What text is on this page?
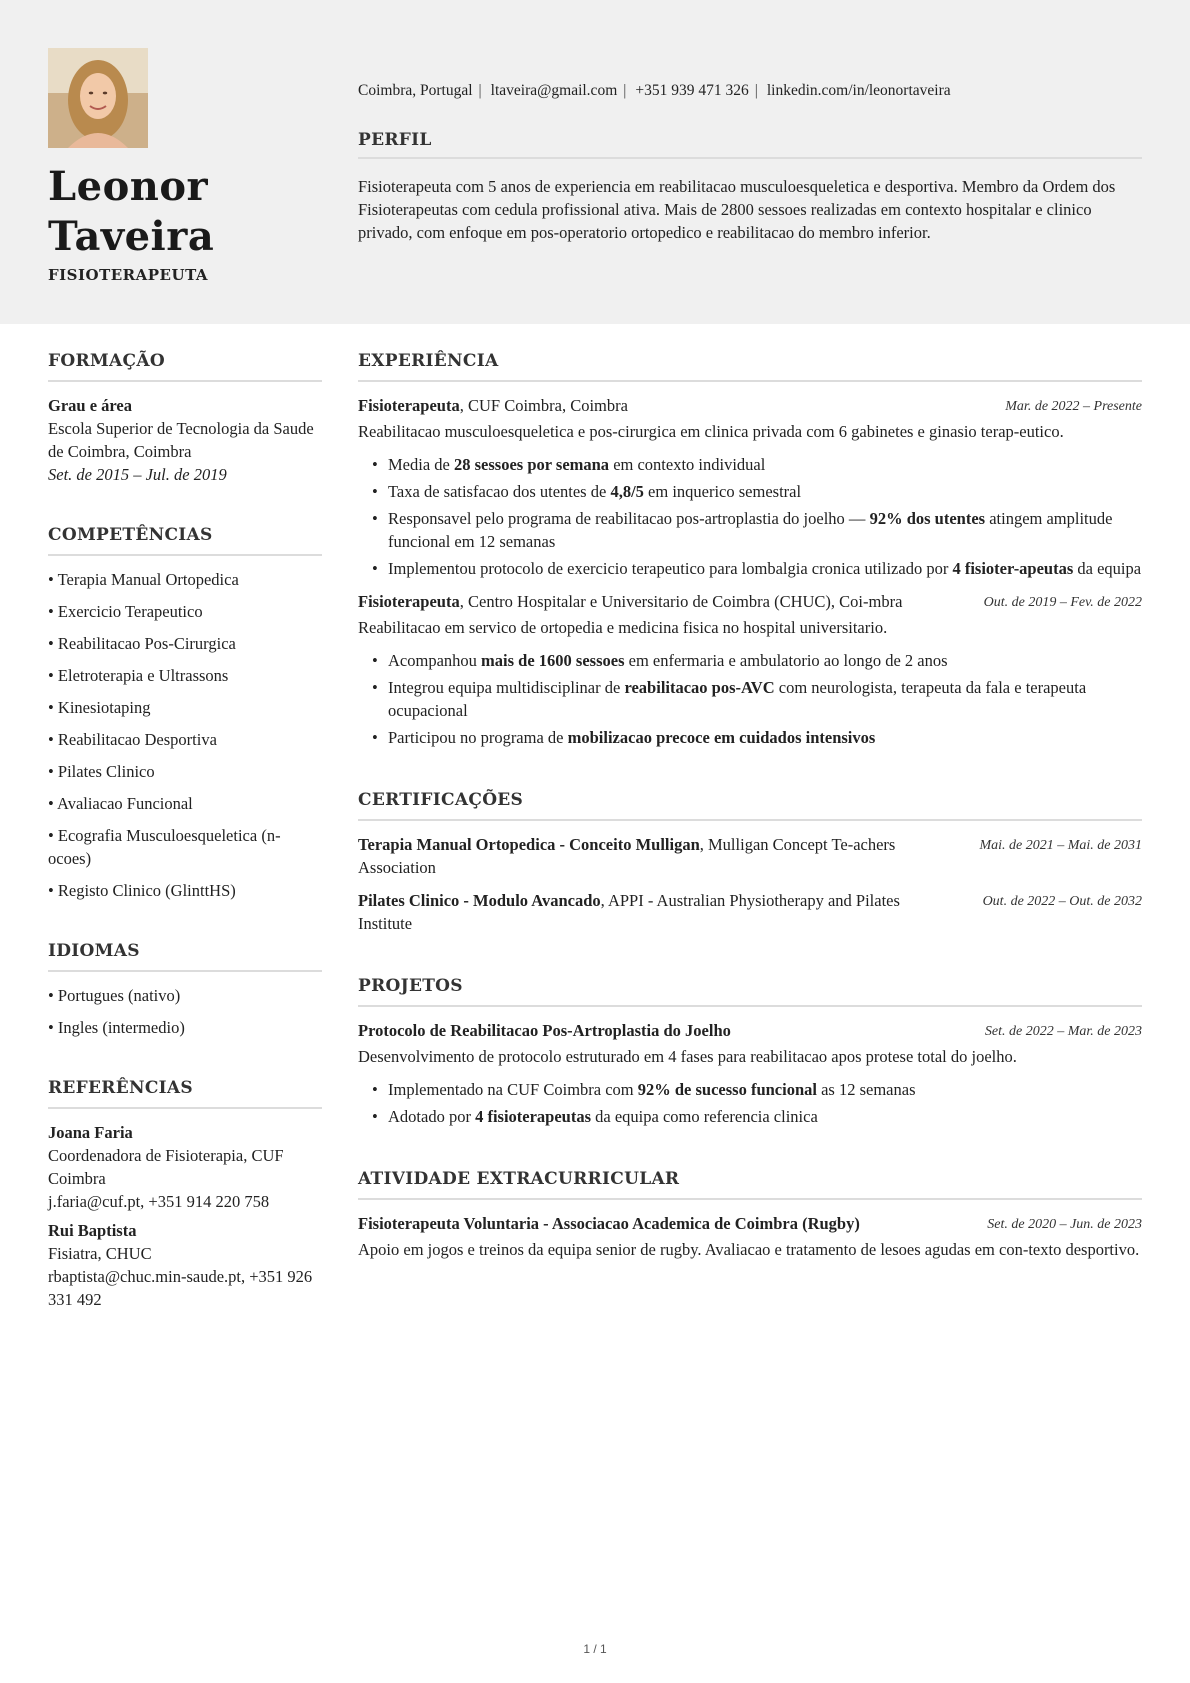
Leonor
Taveira
FISIOTERAPEUTA
Coimbra, Portugal | ltaveira@gmail.com | +351 939 471 326 | linkedin.com/in/leonortaveira
PERFIL

Fisioterapeuta com 5 anos de experiencia em reabilitacao musculoesqueletica e desportiva. Membro da Ordem dos Fisioterapeutas com cedula profissional ativa. Mais de 2800 sessoes realizadas em contexto hospitalar e clinico privado, com enfoque em pos-operatorio ortopedico e reabilitacao do membro inferior.

FORMAÇÃO
Grau e área
Escola Superior de Tecnologia da Saude de Coimbra, Coimbra
Set. de 2015 – Jul. de 2019
COMPETÊNCIAS
• Terapia Manual Ortopedica
• Exercicio Terapeutico
• Reabilitacao Pos-Cirurgica
• Eletroterapia e Ultrassons
• Kinesiotaping
• Reabilitacao Desportiva
• Pilates Clinico
• Avaliacao Funcional
• Ecografia Musculoesqueletica (n-ocoes)
• Registo Clinico (GlinttHS)
IDIOMAS
• Portugues (nativo)
• Ingles (intermedio)
REFERÊNCIAS
Joana Faria
Coordenadora de Fisioterapia, CUF Coimbra
j.faria@cuf.pt, +351 914 220 758
Rui Baptista
Fisiatra, CHUC
rbaptista@chuc.min-saude.pt, +351 926 331 492
EXPERIÊNCIA
Fisioterapeuta, CUF Coimbra, Coimbra	Mar. de 2022 – Presente
Reabilitacao musculoesqueletica e pos-cirurgica em clinica privada com 6 gabinetes e ginasio terap-eutico.
• Media de 28 sessoes por semana em contexto individual
• Taxa de satisfacao dos utentes de 4,8/5 em inquerico semestral
• Responsavel pelo programa de reabilitacao pos-artroplastia do joelho — 92% dos utentes atingem amplitude funcional em 12 semanas
• Implementou protocolo de exercicio terapeutico para lombalgia cronica utilizado por 4 fisioter-apeutas da equipa
Fisioterapeuta, Centro Hospitalar e Universitario de Coimbra (CHUC), Coi-mbra	Out. de 2019 – Fev. de 2022
Reabilitacao em servico de ortopedia e medicina fisica no hospital universitario.
• Acompanhou mais de 1600 sessoes em enfermaria e ambulatorio ao longo de 2 anos
• Integrou equipa multidisciplinar de reabilitacao pos-AVC com neurologista, terapeuta da fala e terapeuta ocupacional
• Participou no programa de mobilizacao precoce em cuidados intensivos
CERTIFICAÇÕES
Terapia Manual Ortopedica - Conceito Mulligan, Mulligan Concept Te-achers Association
Mai. de 2021 – Mai. de 2031
Pilates Clinico - Modulo Avancado, APPI - Australian Physiotherapy and Pilates Institute
Out. de 2022 – Out. de 2032
PROJETOS
Protocolo de Reabilitacao Pos-Artroplastia do Joelho	Set. de 2022 – Mar. de 2023
Desenvolvimento de protocolo estruturado em 4 fases para reabilitacao apos protese total do joelho.
• Implementado na CUF Coimbra com 92% de sucesso funcional as 12 semanas
• Adotado por 4 fisioterapeutas da equipa como referencia clinica
ATIVIDADE EXTRACURRICULAR
Fisioterapeuta Voluntaria - Associacao Academica de Coimbra (Rugby)	Set. de 2020 – Jun. de 2023
Apoio em jogos e treinos da equipa senior de rugby. Avaliacao e tratamento de lesoes agudas em con-texto desportivo.
1 / 1
